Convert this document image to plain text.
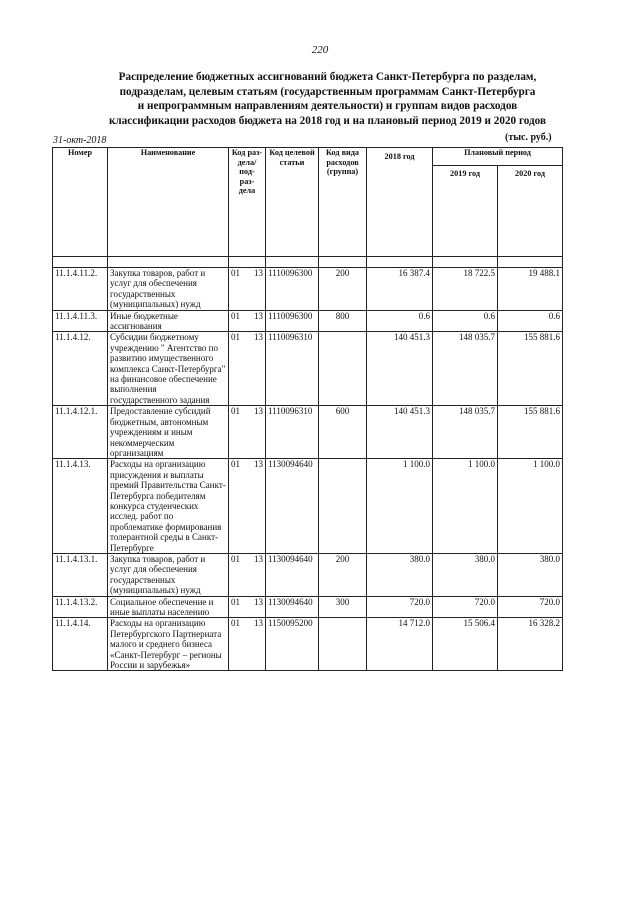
220
Распределение бюджетных ассигнований бюджета Санкт-Петербурга по разделам,
подразделам, целевым статьям (государственным программам Санкт-Петербурга
и непрограммным направлениям деятельности) и группам видов расходов
классификации расходов бюджета на 2018 год и на плановый период 2019 и 2020 годов
31-окт-2018	(тыс. руб.)
Номер	Наименование	Код раз- дела/ под- раз- дела	Код целевой статьи	Код вида расходов (группа)	2018 год	Плановый период	
						2019 год	2020 год

11.1.4.11.2.	Закупка товаров, работ и услуг для обеспечения государственных (муниципальных) нужд	01 13	1110096300	200	16 387.4	18 722.5	19 488.1
11.1.4.11.3.	Иные бюджетные ассигнования	01 13	1110096300	800	0.6	0.6	0.6
11.1.4.12.	Субсидии бюджетному учреждению " Агентство по развитию имущественного комплекса Санкт-Петербурга" на финансовое обеспечение выполнения государственного задания	01 13	1110096310		140 451.3	148 035.7	155 881.6
11.1.4.12.1.	Предоставление субсидий бюджетным, автономным учреждениям и иным некоммерческим организациям	01 13	1110096310	600	140 451.3	148 035.7	155 881.6
11.1.4.13.	Расходы на организацию присуждения и выплаты премий Правительства Санкт-Петербурга победителям конкурса студенческих исслед. работ по проблематике формирования толерантной среды в Санкт-Петербурге	01 13	1130094640		1 100.0	1 100.0	1 100.0
11.1.4.13.1.	Закупка товаров, работ и услуг для обеспечения государственных (муниципальных) нужд	01 13	1130094640	200	380.0	380.0	380.0
11.1.4.13.2.	Социальное обеспечение и иные выплаты населению	01 13	1130094640	300	720.0	720.0	720.0
11.1.4.14.	Расходы на организацию Петербургского Партнериата малого и среднего бизнеса «Санкт-Петербург – регионы России и зарубежья»	01 13	1150095200		14 712.0	15 506.4	16 328.2
